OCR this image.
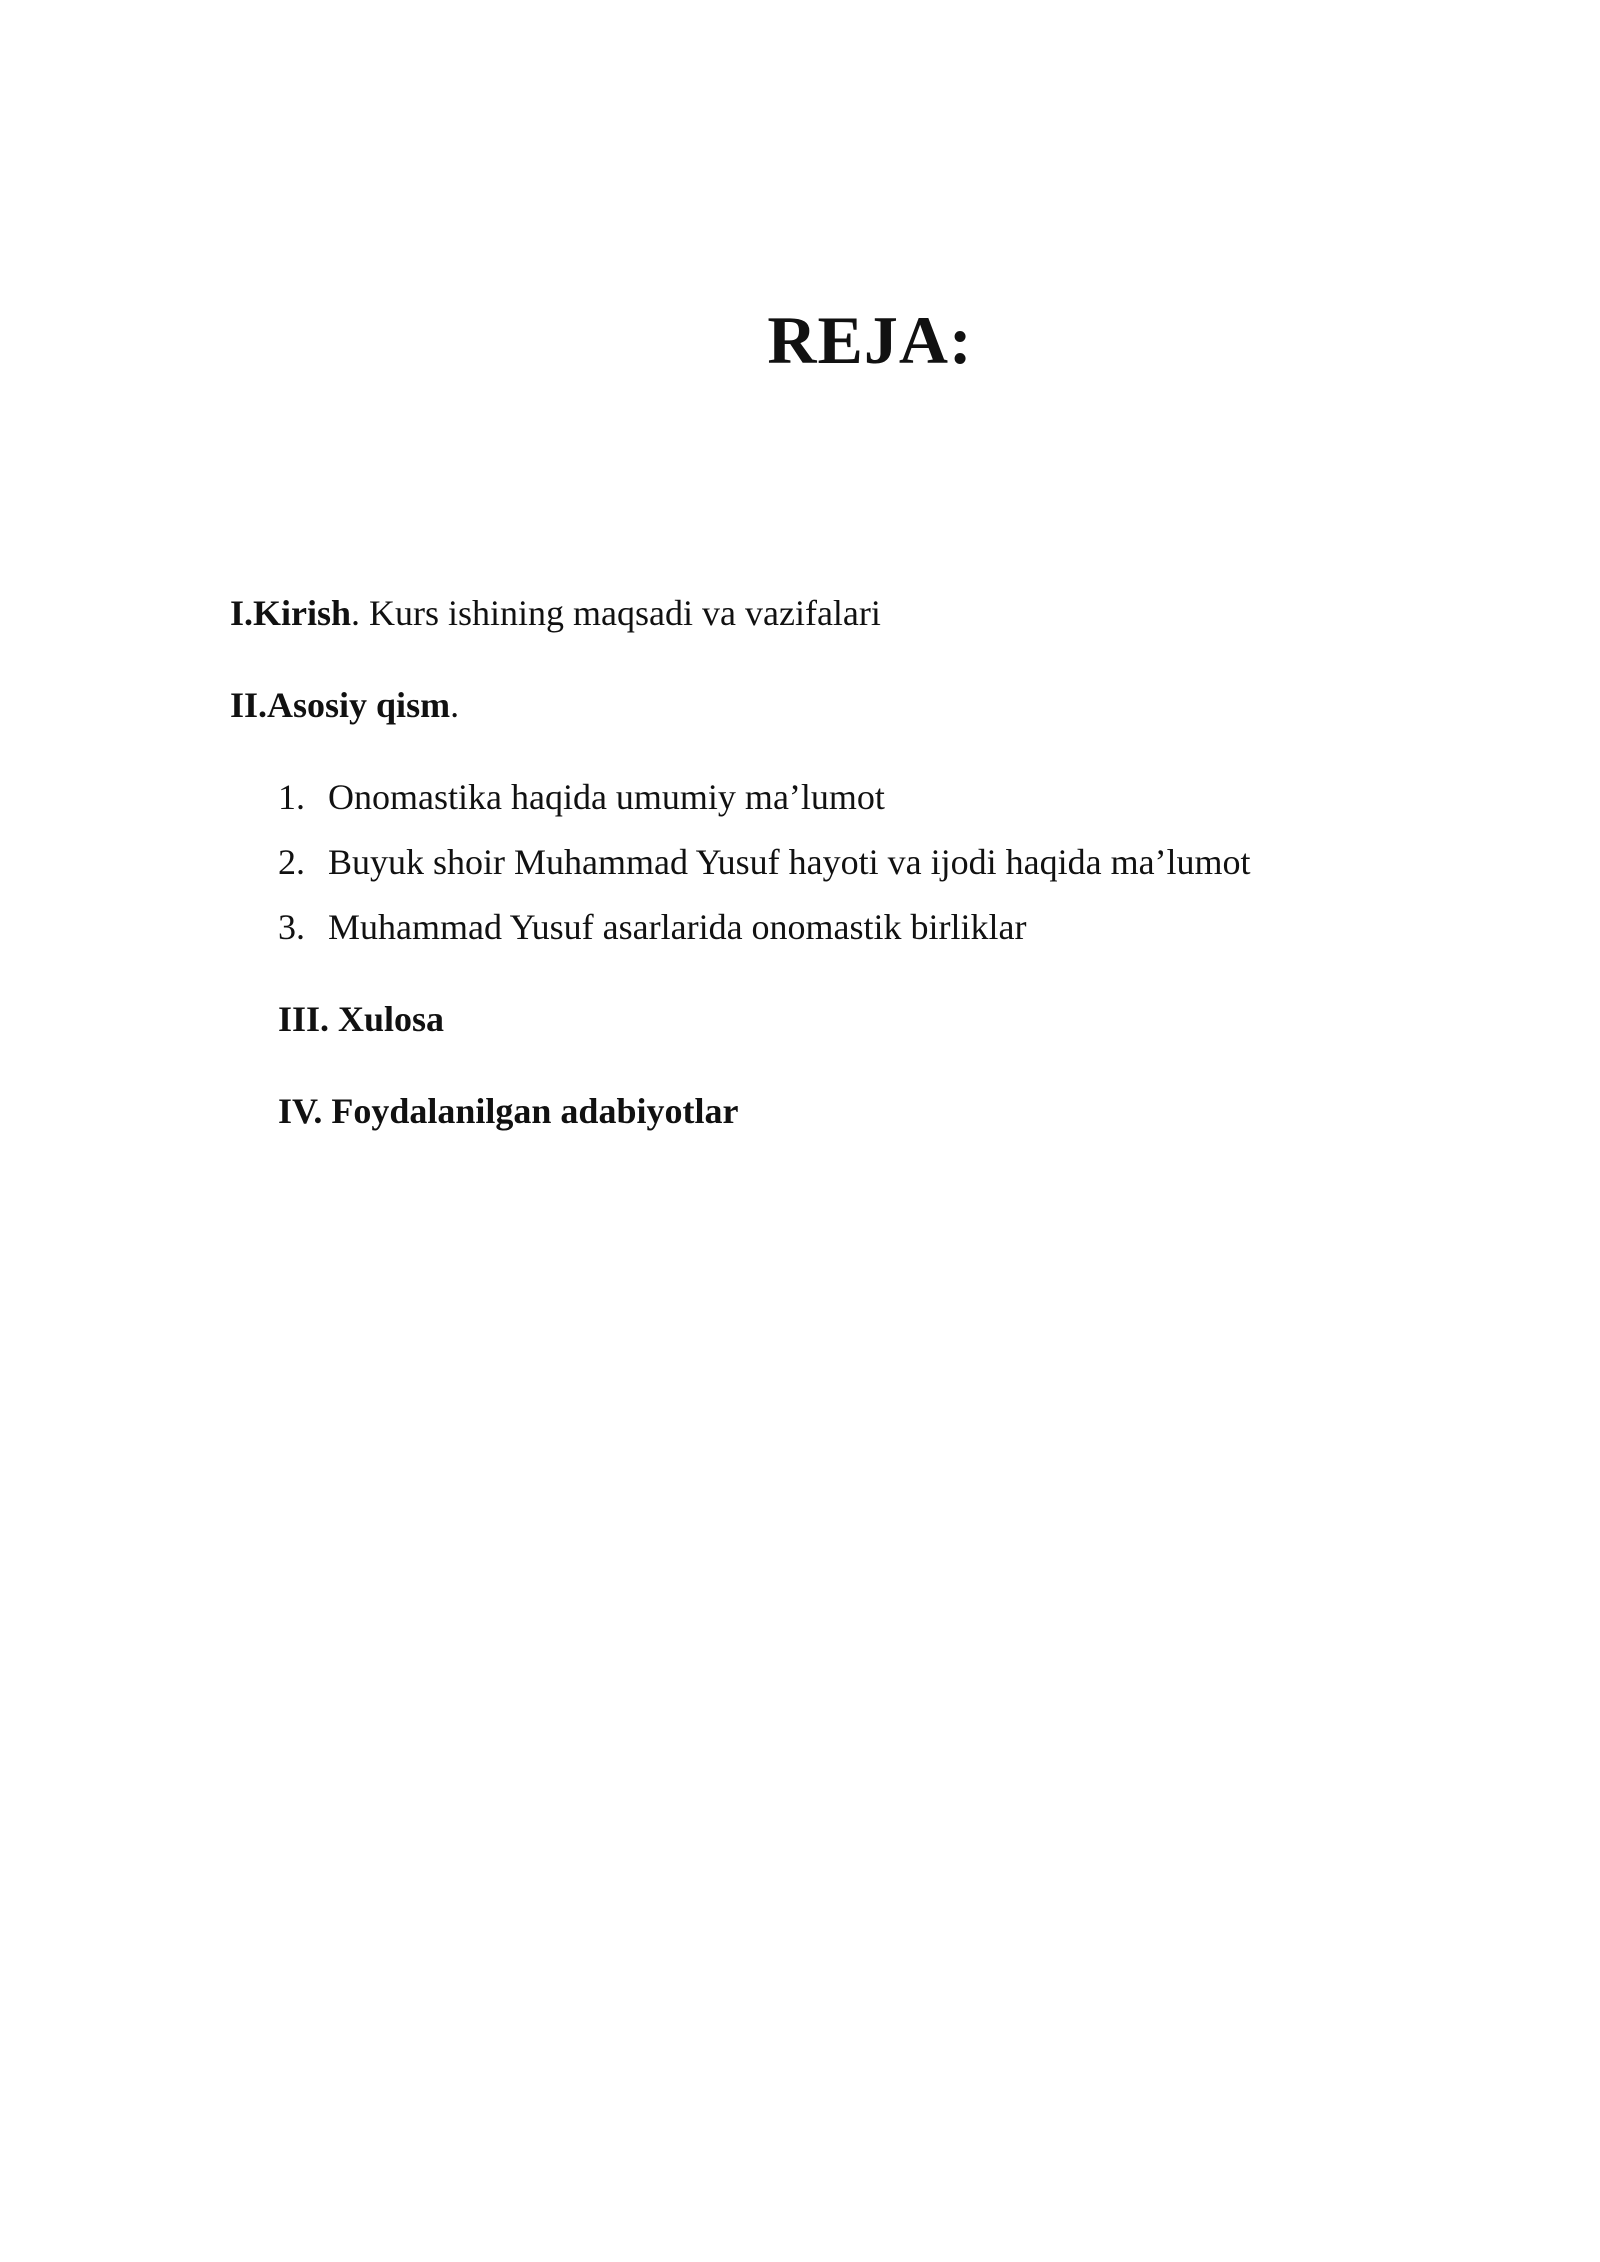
REJA:
I.Kirish. Kurs ishining maqsadi va vazifalari
II.Asosiy qism.
1. Onomastika haqida umumiy ma’lumot
2. Buyuk shoir Muhammad Yusuf hayoti va ijodi haqida ma’lumot
3. Muhammad Yusuf asarlarida onomastik birliklar
III. Xulosa
IV. Foydalanilgan adabiyotlar
